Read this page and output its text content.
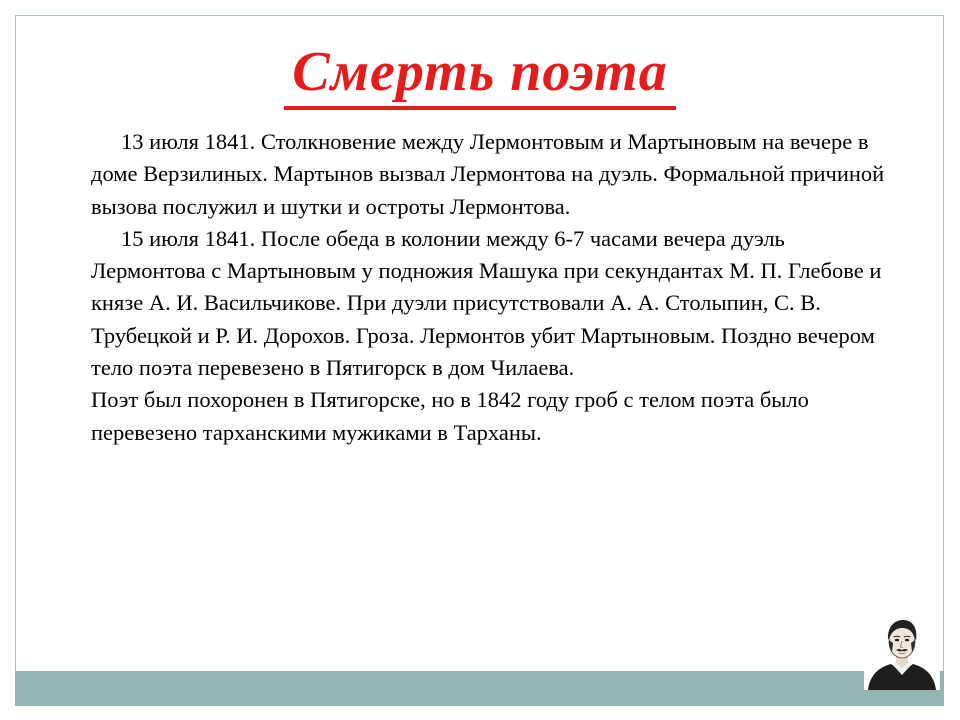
Смерть поэта

13 июля 1841. Столкновение между Лермонтовым и Мартыновым на вечере в доме Верзилиных. Мартынов вызвал Лермонтова на дуэль. Формальной причиной вызова послужил и шутки и остроты Лермонтова.

15 июля 1841. После обеда в колонии между 6-7 часами вечера дуэль Лермонтова с Мартыновым у подножия Машука при секундантах М. П. Глебове и князе А. И. Васильчикове. При дуэли присутствовали А. А. Столыпин, С. В. Трубецкой и Р. И. Дорохов. Гроза. Лермонтов убит Мартыновым. Поздно вечером тело поэта перевезено в Пятигорск в дом Чилаева.

Поэт был похоронен в Пятигорске, но в 1842 году гроб с телом поэта было перевезено тарханскими мужиками в Тарханы.
